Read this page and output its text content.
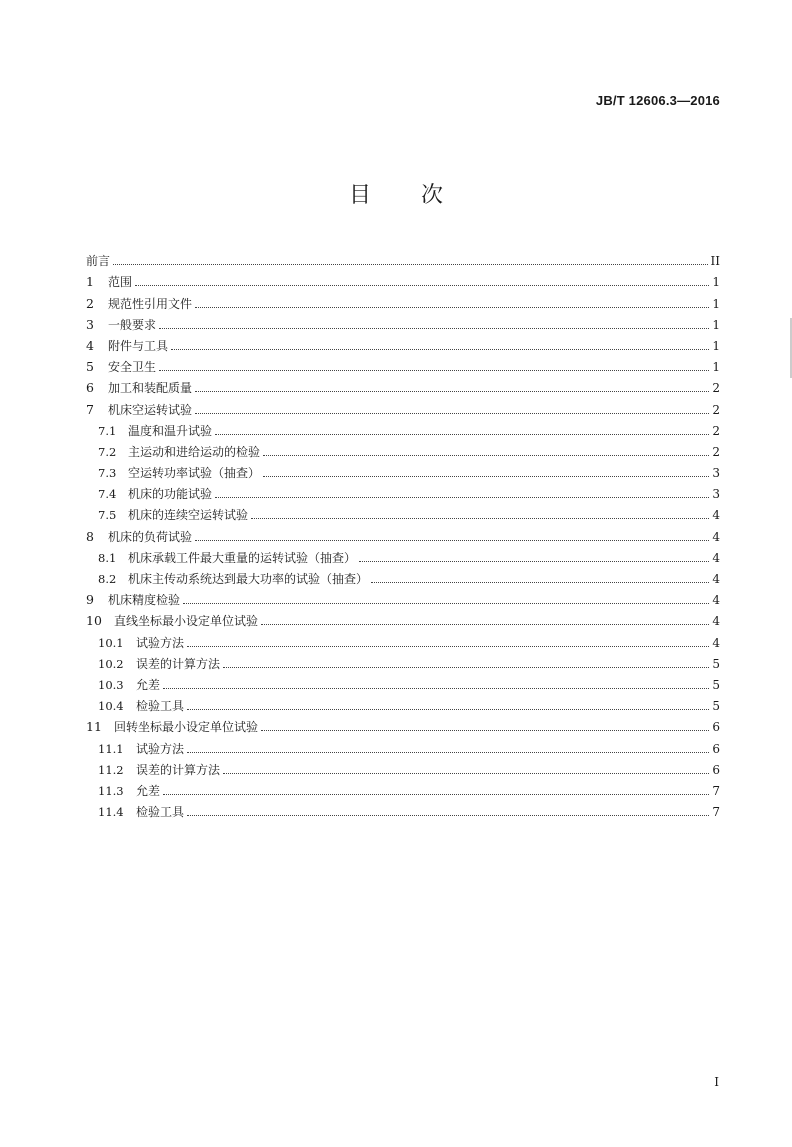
JB/T 12606.3—2016
目 次
前言	II
1	范围	1
2	规范性引用文件	1
3	一般要求	1
4	附件与工具	1
5	安全卫生	1
6	加工和装配质量	2
7	机床空运转试验	2
7.1 温度和温升试验	2
7.2 主运动和进给运动的检验	2
7.3 空运转功率试验（抽查）	3
7.4 机床的功能试验	3
7.5 机床的连续空运转试验	4
8	机床的负荷试验	4
8.1 机床承载工件最大重量的运转试验（抽查）	4
8.2 机床主传动系统达到最大功率的试验（抽查）	4
9	机床精度检验	4
10	直线坐标最小设定单位试验	4
10.1	试验方法	4
10.2	误差的计算方法	5
10.3	允差	5
10.4	检验工具	5
11	回转坐标最小设定单位试验	6
11.1	试验方法	6
11.2	误差的计算方法	6
11.3	允差	7
11.4	检验工具	7
I
